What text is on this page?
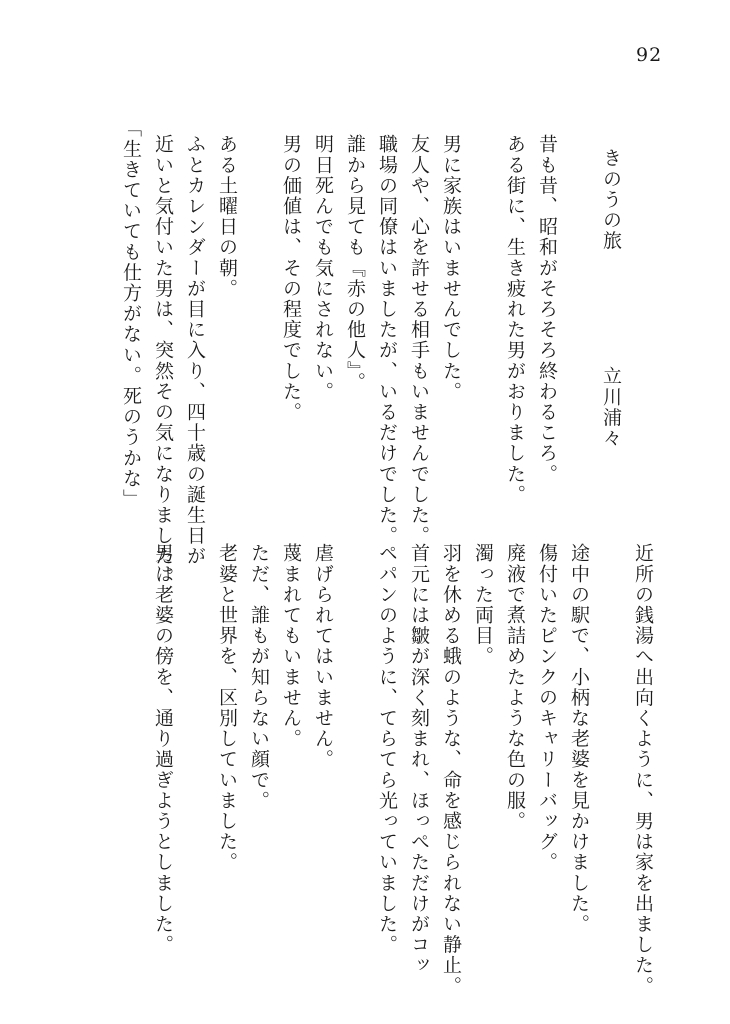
92
きのうの旅
立川浦々
昔も昔、昭和がそろそろ終わるころ。
ある街に、生き疲れた男がおりました。
男に家族はいませんでした。
友人や、心を許せる相手もいませんでした。
職場の同僚はいましたが、いるだけでした。
誰から見ても『赤の他人』。
明日死んでも気にされない。
男の価値は、その程度でした。
ある土曜日の朝。
ふとカレンダーが目に入り、四十歳の誕生日が
近いと気付いた男は、突然その気になりました。
「生きていても仕方がない。死のうかな」
近所の銭湯へ出向くように、男は家を出ました。
途中の駅で、小柄な老婆を見かけました。
傷付いたピンクのキャリーバッグ。
廃液で煮詰めたような色の服。
濁った両目。
羽を休める蛾のような、命を感じられない静止。
首元には皺が深く刻まれ、ほっぺただけがコッ
ペパンのように、てらてら光っていました。
虐げられてはいません。
蔑まれてもいません。
ただ、誰もが知らない顔で。
老婆と世界を、区別していました。
男は老婆の傍を、通り過ぎようとしました。
